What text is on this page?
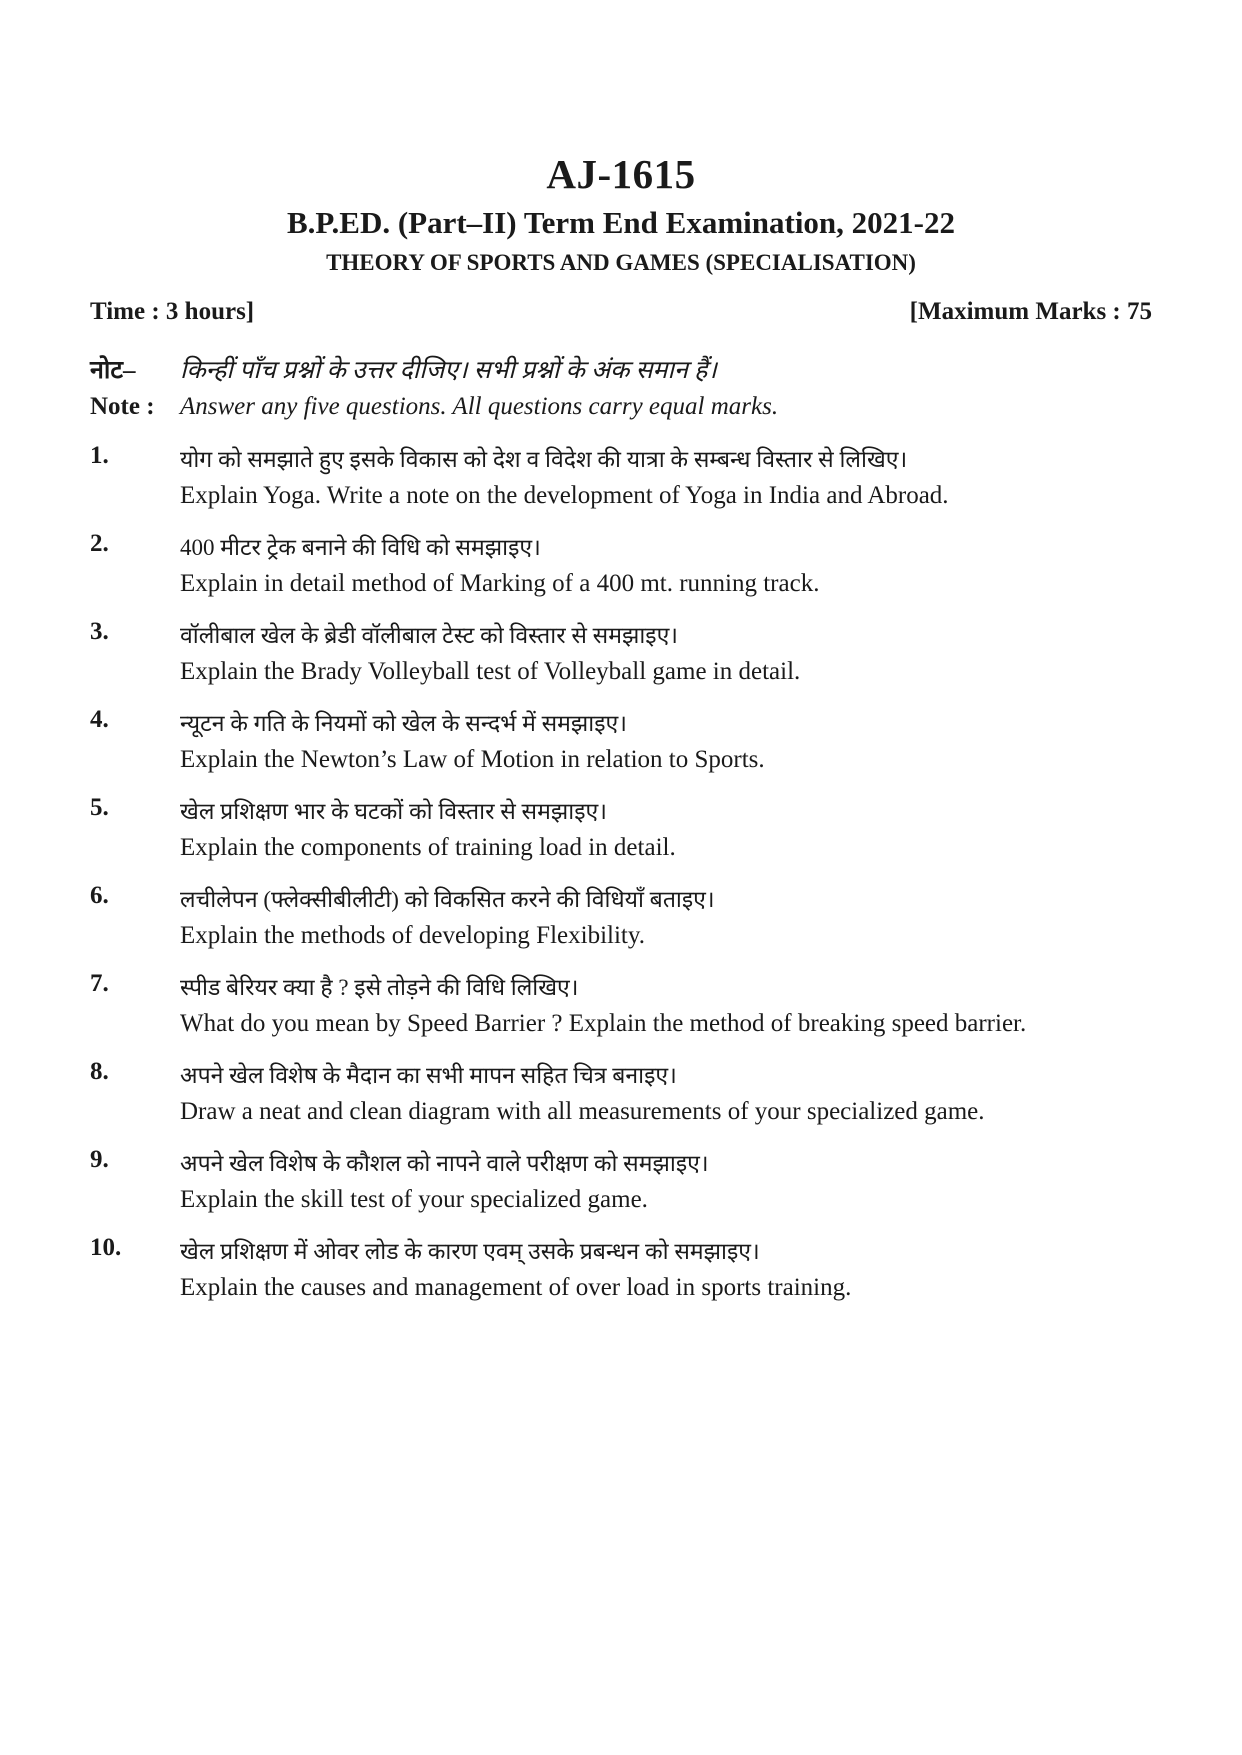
AJ-1615
B.P.ED. (Part–II) Term End Examination, 2021-22
THEORY OF SPORTS AND GAMES (SPECIALISATION)
Time : 3 hours]	[Maximum Marks : 75
नोट– किन्हीं पाँच प्रश्नों के उत्तर दीजिए। सभी प्रश्नों के अंक समान हैं।
Note : Answer any five questions. All questions carry equal marks.
1.	योग को समझाते हुए इसके विकास को देश व विदेश की यात्रा के सम्बन्ध विस्तार से लिखिए।
Explain Yoga. Write a note on the development of Yoga in India and Abroad.
2.	400 मीटर ट्रेक बनाने की विधि को समझाइए।
Explain in detail method of Marking of a 400 mt. running track.
3.	वॉलीबाल खेल के ब्रेडी वॉलीबाल टेस्ट को विस्तार से समझाइए।
Explain the Brady Volleyball test of Volleyball game in detail.
4.	न्यूटन के गति के नियमों को खेल के सन्दर्भ में समझाइए।
Explain the Newton’s Law of Motion in relation to Sports.
5.	खेल प्रशिक्षण भार के घटकों को विस्तार से समझाइए।
Explain the components of training load in detail.
6.	लचीलेपन (फ्लेक्सीबीलीटी) को विकसित करने की विधियाँ बताइए।
Explain the methods of developing Flexibility.
7.	स्पीड बेरियर क्या है ? इसे तोड़ने की विधि लिखिए।
What do you mean by Speed Barrier ? Explain the method of breaking speed barrier.
8.	अपने खेल विशेष के मैदान का सभी मापन सहित चित्र बनाइए।
Draw a neat and clean diagram with all measurements of your specialized game.
9.	अपने खेल विशेष के कौशल को नापने वाले परीक्षण को समझाइए।
Explain the skill test of your specialized game.
10.	खेल प्रशिक्षण में ओवर लोड के कारण एवम् उसके प्रबन्धन को समझाइए।
Explain the causes and management of over load in sports training.
